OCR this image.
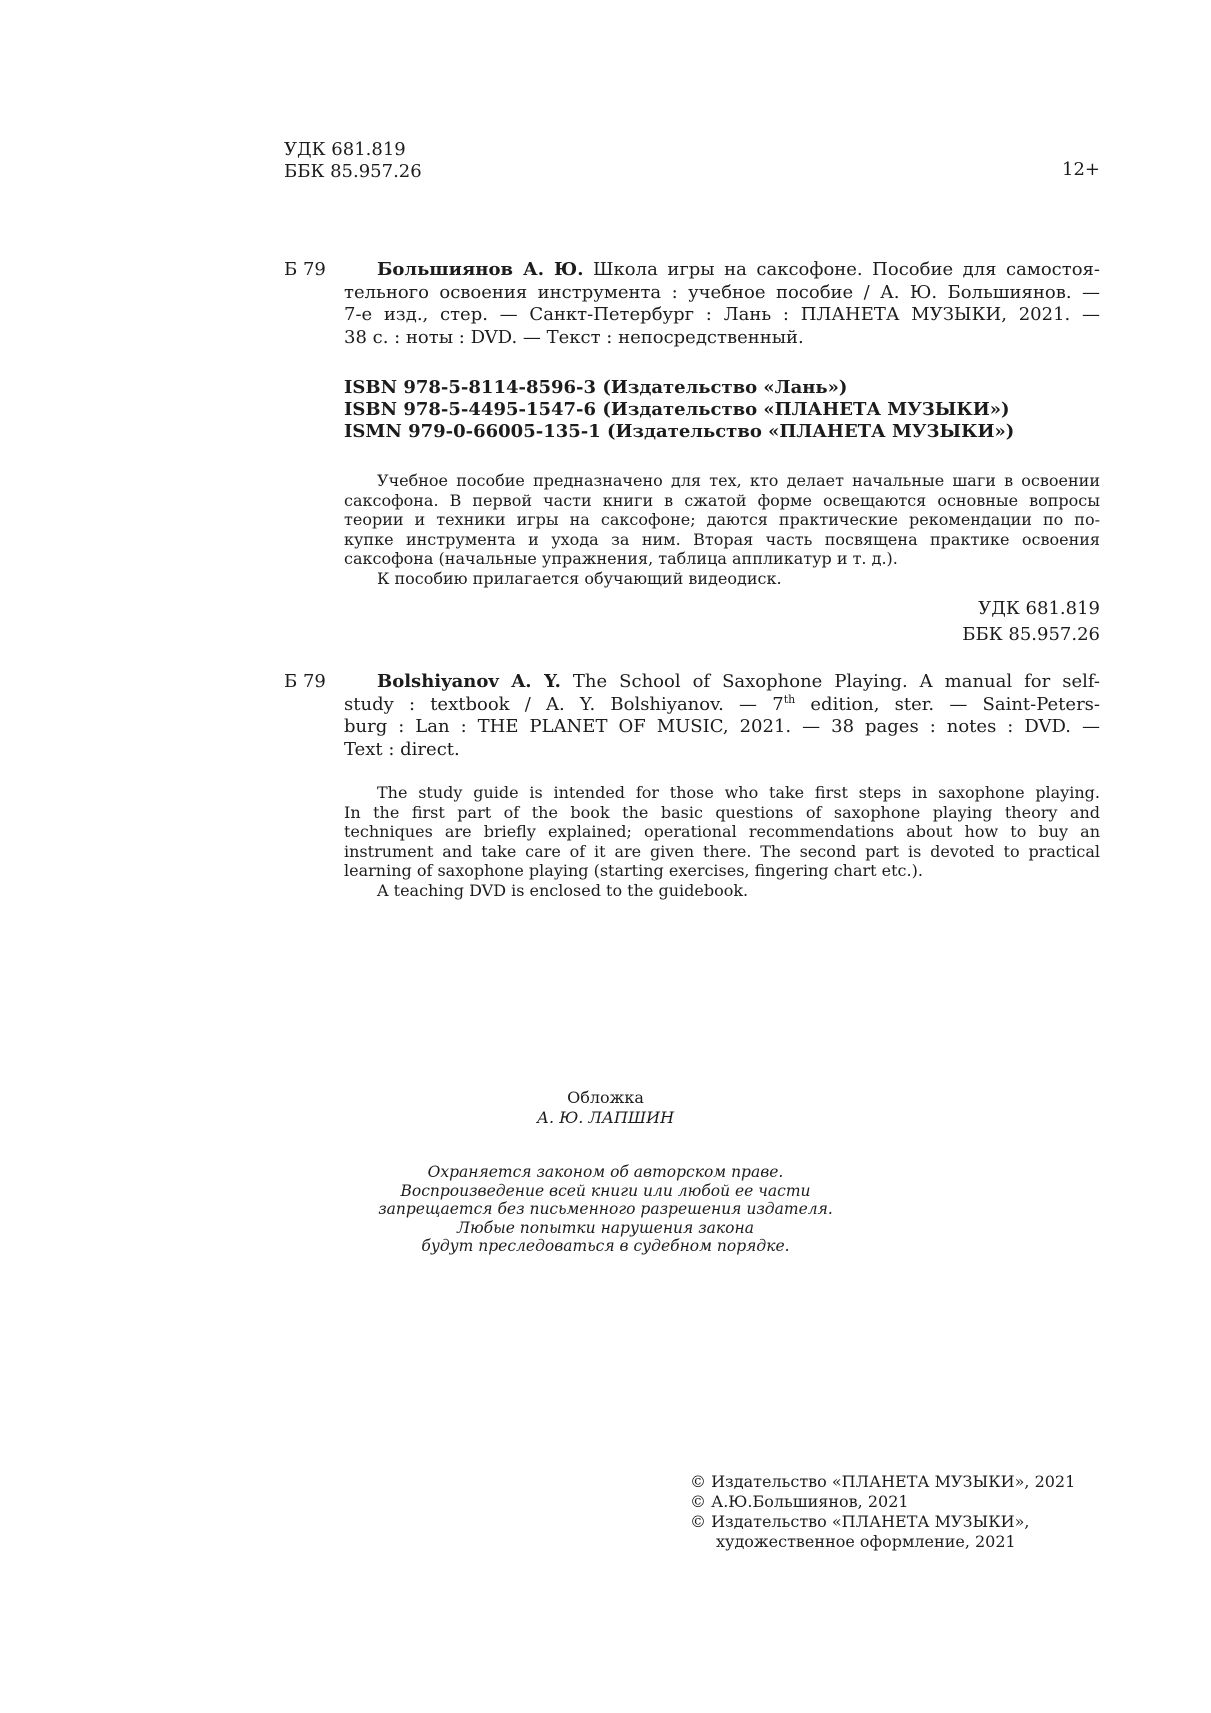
УДК 681.819
ББК 85.957.26	12+
Б 79	Большиянов А. Ю. Школа игры на саксофоне. Пособие для самостоя-
тельного освоения инструмента : учебное пособие / А. Ю. Большиянов. —
7-е изд., стер. — Санкт-Петербург : Лань : ПЛАНЕТА МУЗЫКИ, 2021. —
38 с. : ноты : DVD. — Текст : непосредственный.
ISBN 978-5-8114-8596-3 (Издательство «Лань»)
ISBN 978-5-4495-1547-6 (Издательство «ПЛАНЕТА МУЗЫКИ»)
ISMN 979-0-66005-135-1 (Издательство «ПЛАНЕТА МУЗЫКИ»)
Учебное пособие предназначено для тех, кто делает начальные шаги в освоении
саксофона. В первой части книги в сжатой форме освещаются основные вопросы
теории и техники игры на саксофоне; даются практические рекомендации по по-
купке инструмента и ухода за ним. Вторая часть посвящена практике освоения
саксофона (начальные упражнения, таблица аппликатур и т. д.).
К пособию прилагается обучающий видеодиск.
УДК 681.819
ББК 85.957.26
Б 79	Bolshiyanov A. Y. The School of Saxophone Playing. A manual for self-
study : textbook / A. Y. Bolshiyanov. — 7th edition, ster. — Saint-Peters-
burg : Lan : THE PLANET OF MUSIC, 2021. — 38 pages : notes : DVD. —
Text : direct.
The study guide is intended for those who take first steps in saxophone playing.
In the first part of the book the basic questions of saxophone playing theory and
techniques are briefly explained; operational recommendations about how to buy an
instrument and take care of it are given there. The second part is devoted to practical
learning of saxophone playing (starting exercises, fingering chart etc.).
A teaching DVD is enclosed to the guidebook.
Обложка
А. Ю. ЛАПШИН
Охраняется законом об авторском праве.
Воспроизведение всей книги или любой ее части
запрещается без письменного разрешения издателя.
Любые попытки нарушения закона
будут преследоваться в судебном порядке.
© Издательство «ПЛАНЕТА МУЗЫКИ», 2021
© А.Ю.Большиянов, 2021
© Издательство «ПЛАНЕТА МУЗЫКИ»,
художественное оформление, 2021
